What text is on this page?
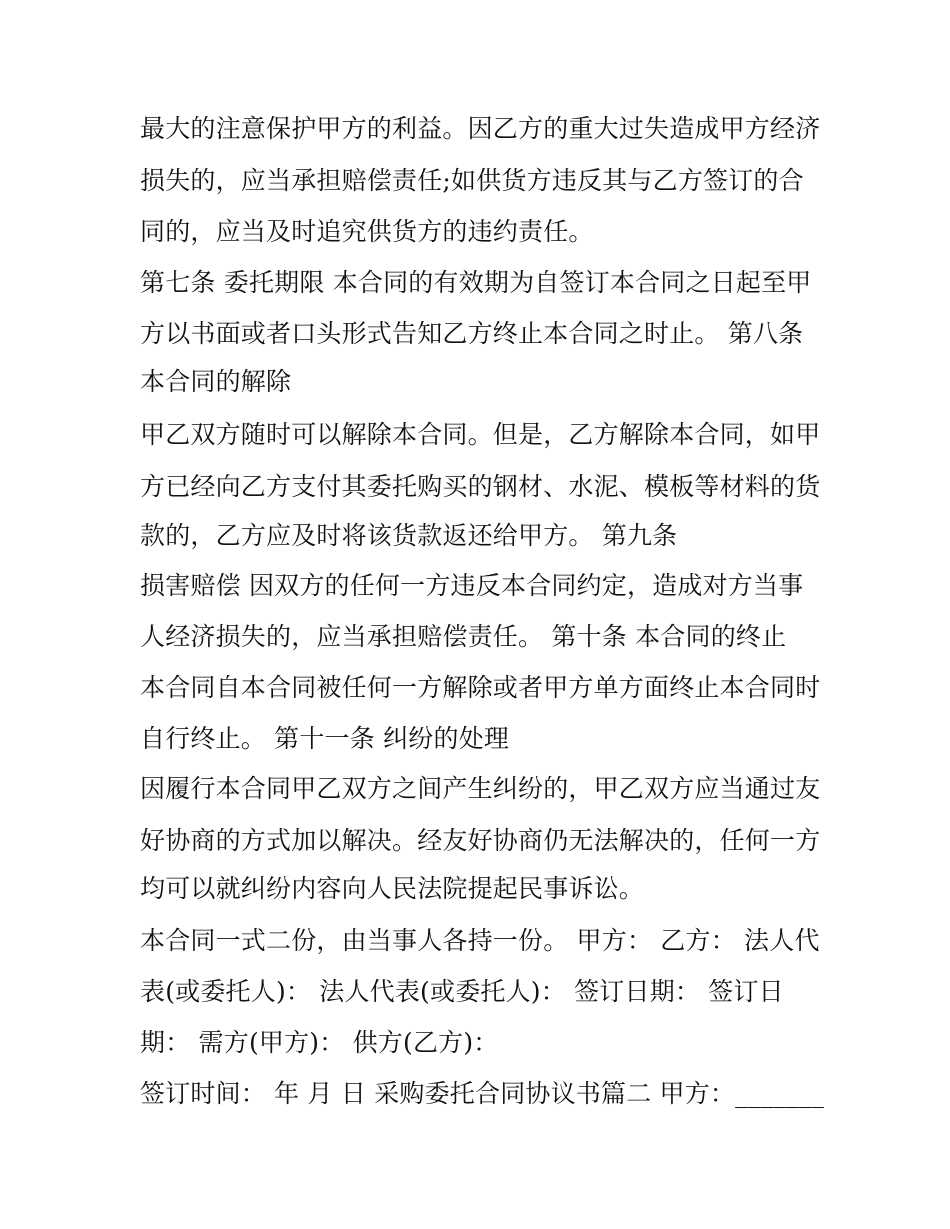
最大的注意保护甲方的利益。因乙方的重大过失造成甲方经济

损失的，应当承担赔偿责任;如供货方违反其与乙方签订的合

同的，应当及时追究供货方的违约责任。

第七条 委托期限 本合同的有效期为自签订本合同之日起至甲

方以书面或者口头形式告知乙方终止本合同之时止。 第八条

本合同的解除

甲乙双方随时可以解除本合同。但是，乙方解除本合同，如甲

方已经向乙方支付其委托购买的钢材、水泥、模板等材料的货

款的，乙方应及时将该货款返还给甲方。 第九条

损害赔偿 因双方的任何一方违反本合同约定，造成对方当事

人经济损失的，应当承担赔偿责任。 第十条 本合同的终止

本合同自本合同被任何一方解除或者甲方单方面终止本合同时

自行终止。 第十一条 纠纷的处理

因履行本合同甲乙双方之间产生纠纷的，甲乙双方应当通过友

好协商的方式加以解决。经友好协商仍无法解决的，任何一方

均可以就纠纷内容向人民法院提起民事诉讼。

本合同一式二份，由当事人各持一份。 甲方： 乙方： 法人代

表(或委托人)： 法人代表(或委托人)： 签订日期： 签订日

期： 需方(甲方)： 供方(乙方)：

签订时间： 年 月 日 采购委托合同协议书篇二 甲方：_______
